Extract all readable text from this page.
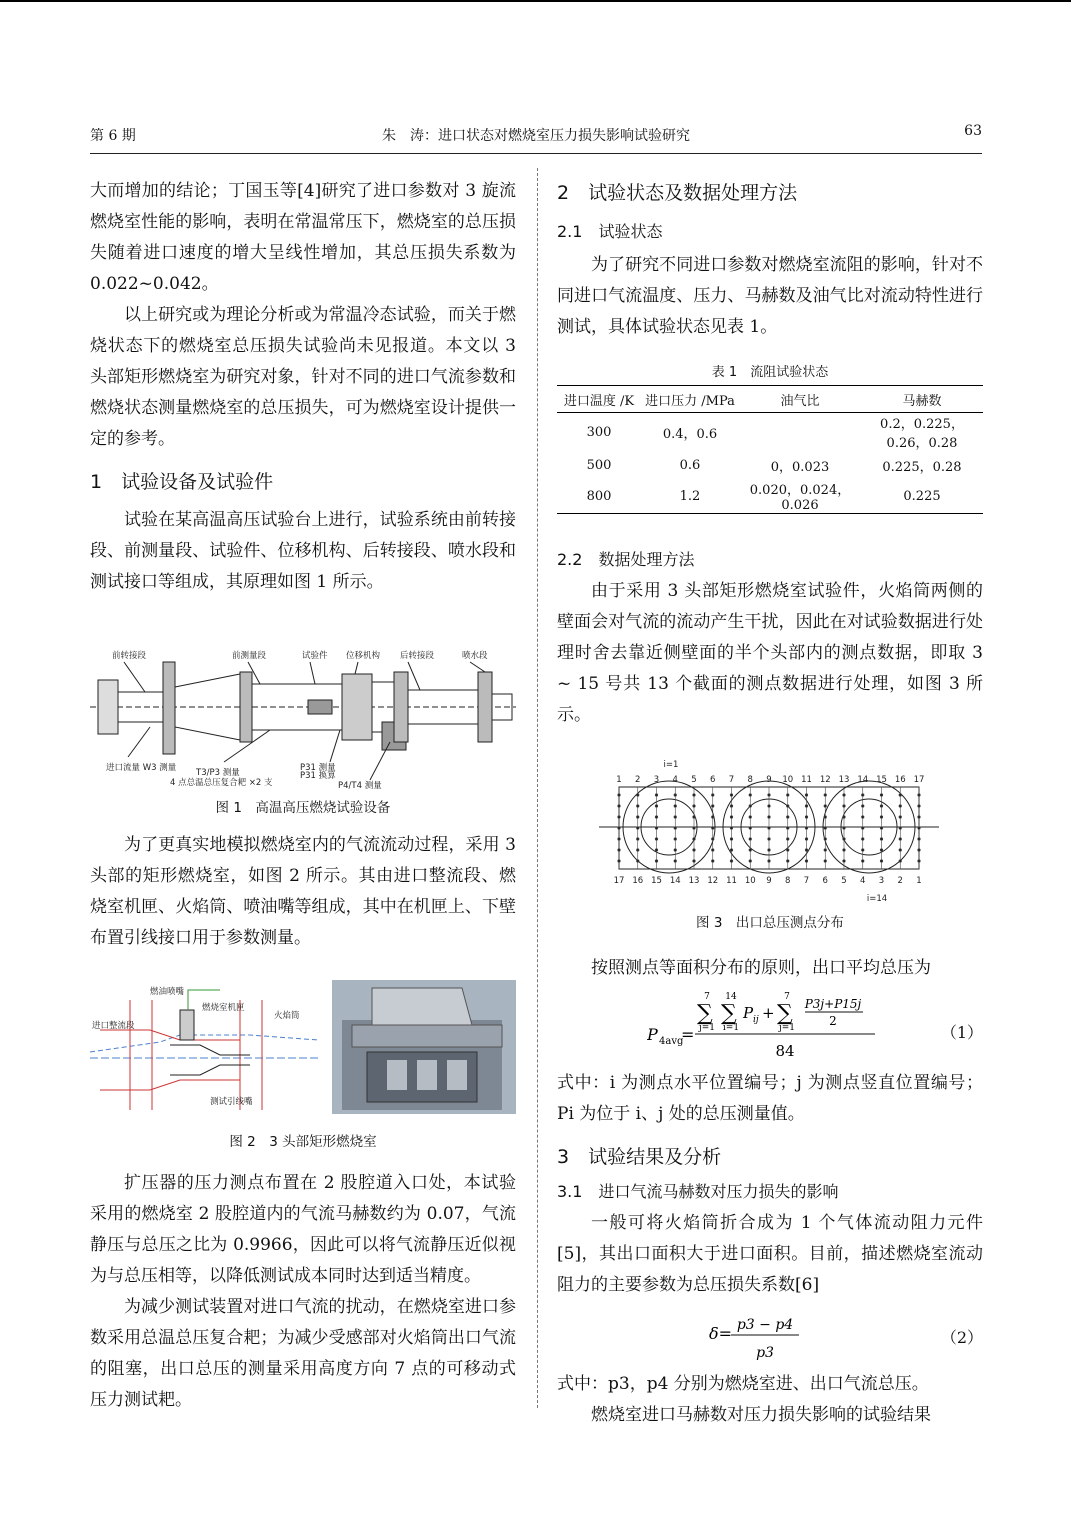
第 6 期	朱　涛：进口状态对燃烧室压力损失影响试验研究	63

大而增加的结论；丁国玉等[4]研究了进口参数对 3 旋流燃烧室性能的影响，表明在常温常压下，燃烧室的总压损失随着进口速度的增大呈线性增加，其总压损失系数为 0.022~0.042。

以上研究或为理论分析或为常温冷态试验，而关于燃烧状态下的燃烧室总压损失试验尚未见报道。本文以 3 头部矩形燃烧室为研究对象，针对不同的进口气流参数和燃烧状态测量燃烧室的总压损失，可为燃烧室设计提供一定的参考。

1　试验设备及试验件

试验在某高温高压试验台上进行，试验系统由前转接段、前测量段、试验件、位移机构、后转接段、喷水段和测试接口等组成，其原理如图 1 所示。

前转接段	前测量段	试验件 位移机构 后转接段	喷水段
进口流量 W3 测量 T3/P3 测量
4 点总温总压复合耙 ×2 支
P31 测量
P31 换算
P4/T4 测量
图 1　高温高压燃烧试验设备

为了更真实地模拟燃烧室内的气流流动过程，采用 3 头部的矩形燃烧室，如图 2 所示。其由进口整流段、燃烧室机匣、火焰筒、喷油嘴等组成，其中在机匣上、下壁布置引线接口用于参数测量。

燃油喷嘴
燃烧室机匣
火焰筒
进口整流段
测试引线嘴
图 2　3 头部矩形燃烧室

扩压器的压力测点布置在 2 股腔道入口处，本试验采用的燃烧室 2 股腔道内的气流马赫数约为 0.07，气流静压与总压之比为 0.9966，因此可以将气流静压近似视为与总压相等，以降低测试成本同时达到适当精度。

为减少测试装置对进口气流的扰动，在燃烧室进口参数采用总温总压复合耙；为减少受感部对火焰筒出口气流的阻塞，出口总压的测量采用高度方向 7 点的可移动式压力测试耙。

2　试验状态及数据处理方法
2.1　试验状态

为了研究不同进口参数对燃烧室流阻的影响，针对不同进口气流温度、压力、马赫数及油气比对流动特性进行测试，具体试验状态见表 1。

表 1　流阻试验状态
进口温度 /K	进口压力 /MPa	油气比	马赫数
300	0.4，0.6		0.2，0.225，0.26，0.28
500	0.6	0，0.023	0.225，0.28
800	1.2	0.020，0.024，0.026	0.225
2.2　数据处理方法

由于采用 3 头部矩形燃烧室试验件，火焰筒两侧的壁面会对气流的流动产生干扰，因此在对试验数据进行处理时舍去靠近侧壁面的半个头部内的测点数据，即取 3 ~ 15 号共 13 个截面的测点数据进行处理，如图 3 所示。

1 2 3 4 5 6 7 8 9 10 11 12 13 14 15 16 17
17 16 15 14 13 12 11 10 9 8 7 6 5 4 3 2 1
i=1
i=14
图 3　出口总压测点分布

按照测点等面积分布的原则，出口平均总压为

P 4avg
=
7
j=1
∑
14
i=1
∑ P ij +
7
j=1
∑ P3j+P15j
2
84
（1）

式中：i 为测点水平位置编号；j 为测点竖直位置编号；Pi 为位于 i、j 处的总压测量值。

3　试验结果及分析
3.1　进口气流马赫数对压力损失的影响

一般可将火焰筒折合成为 1 个气体流动阻力元件[5]，其出口面积大于进口面积。目前，描述燃烧室流动阻力的主要参数为总压损失系数[6]

δ= p3 − p4
p3
（2）

式中：p3，p4 分别为燃烧室进、出口气流总压。

燃烧室进口马赫数对压力损失影响的试验结果
